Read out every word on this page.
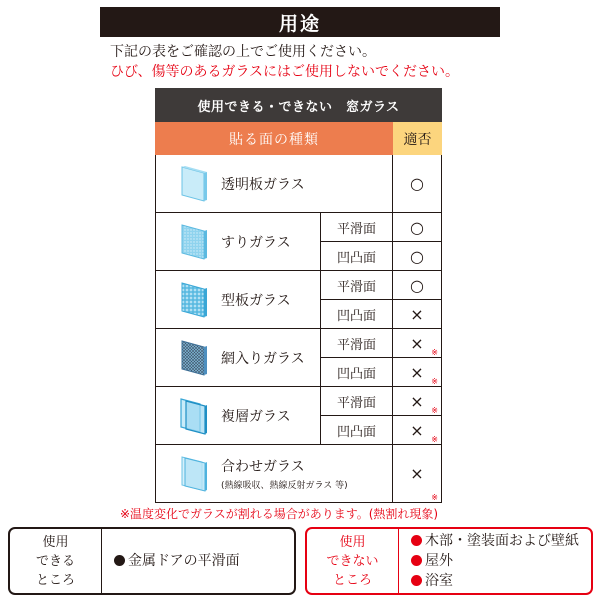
用途
下記の表をご確認の上でご使用ください。
ひび、傷等のあるガラスにはご使用しないでください。
使用できる・できない　窓ガラス
貼る面の種類	適否
透明板ガラス	○
すりガラス
平滑面
凹凸面
○
○
型板ガラス
平滑面
凹凸面
○
×
網入りガラス
平滑面
凹凸面
× ※
× ※
複層ガラス
平滑面
凹凸面
× ※
× ※
合わせガラス
(熱線吸収、熱線反射ガラス 等)
×
※
※温度変化でガラスが割れる場合があります。(熱割れ現象)
使用
できる
ところ
金属ドアの平滑面
使用
できない
ところ
木部・塗装面および壁紙
屋外
浴室
